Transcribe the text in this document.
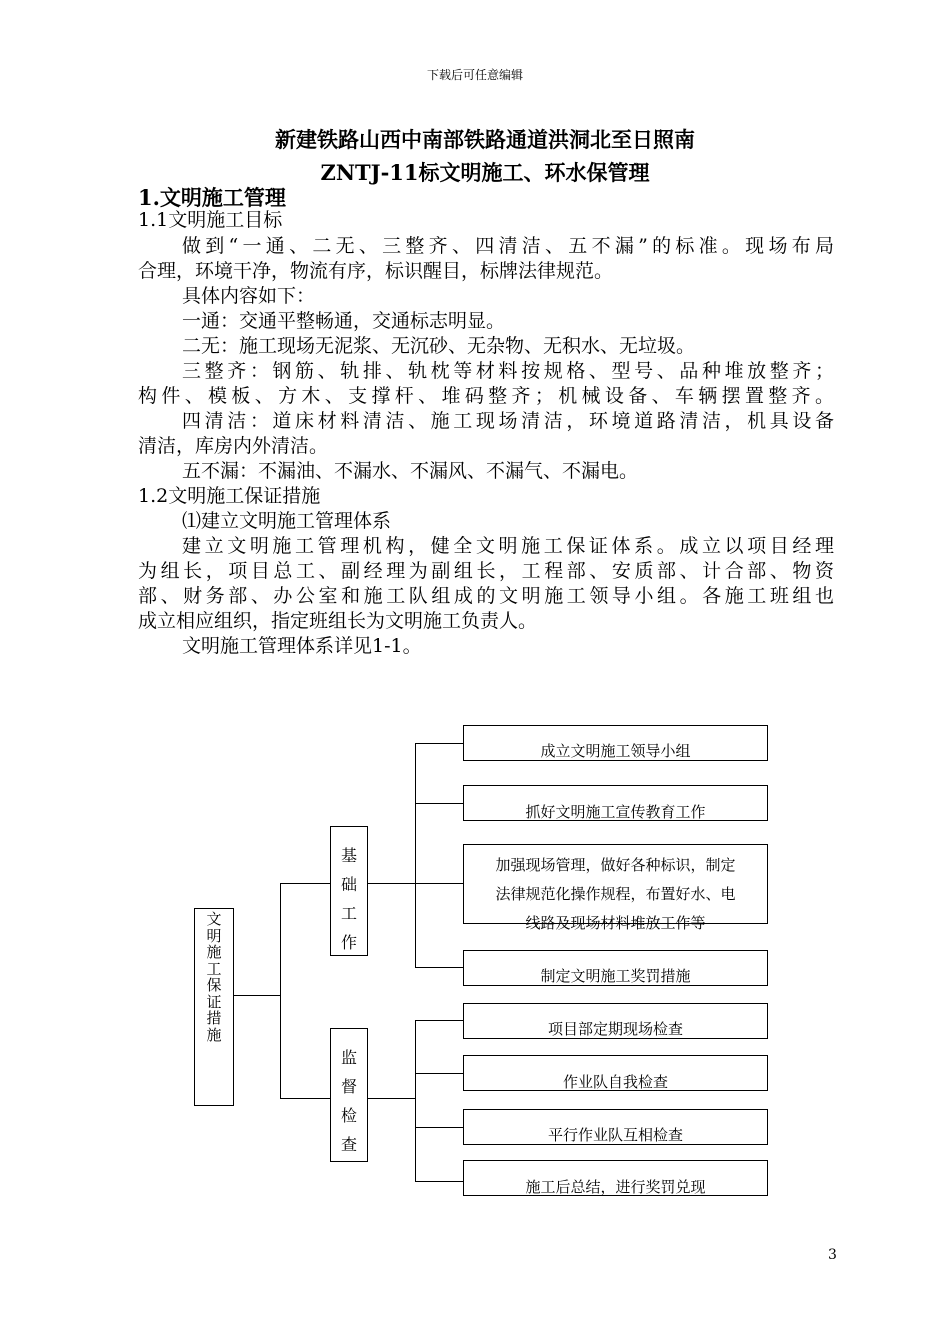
下载后可任意编辑
新建铁路山西中南部铁路通道洪洞北至日照南
ZNTJ-11标文明施工、环水保管理
1.文明施工管理
1.1文明施工目标
做到“一通、二无、三整齐、四清洁、五不漏”的标准。现场布局
合理，环境干净，物流有序，标识醒目，标牌法律规范。
具体内容如下：
一通：交通平整畅通，交通标志明显。
二无：施工现场无泥浆、无沉砂、无杂物、无积水、无垃圾。
三整齐：钢筋、轨排、轨枕等材料按规格、型号、品种堆放整齐；
构件、模板、方木、支撑杆、堆码整齐；机械设备、车辆摆置整齐。
四清洁：道床材料清洁、施工现场清洁，环境道路清洁，机具设备
清洁，库房内外清洁。
五不漏：不漏油、不漏水、不漏风、不漏气、不漏电。
1.2文明施工保证措施
⑴建立文明施工管理体系
建立文明施工管理机构，健全文明施工保证体系。成立以项目经理
为组长，项目总工、副经理为副组长，工程部、安质部、计合部、物资
部、财务部、办公室和施工队组成的文明施工领导小组。各施工班组也
成立相应组织，指定班组长为文明施工负责人。
文明施工管理体系详见1-1。
文
明
施
工
保
证
措
施
基
础
工
作
监
督
检
查
成立文明施工领导小组
抓好文明施工宣传教育工作
加强现场管理，做好各种标识，制定
法律规范化操作规程，布置好水、电
线路及现场材料堆放工作等
制定文明施工奖罚措施
项目部定期现场检查
作业队自我检查
平行作业队互相检查
施工后总结，进行奖罚兑现
3
